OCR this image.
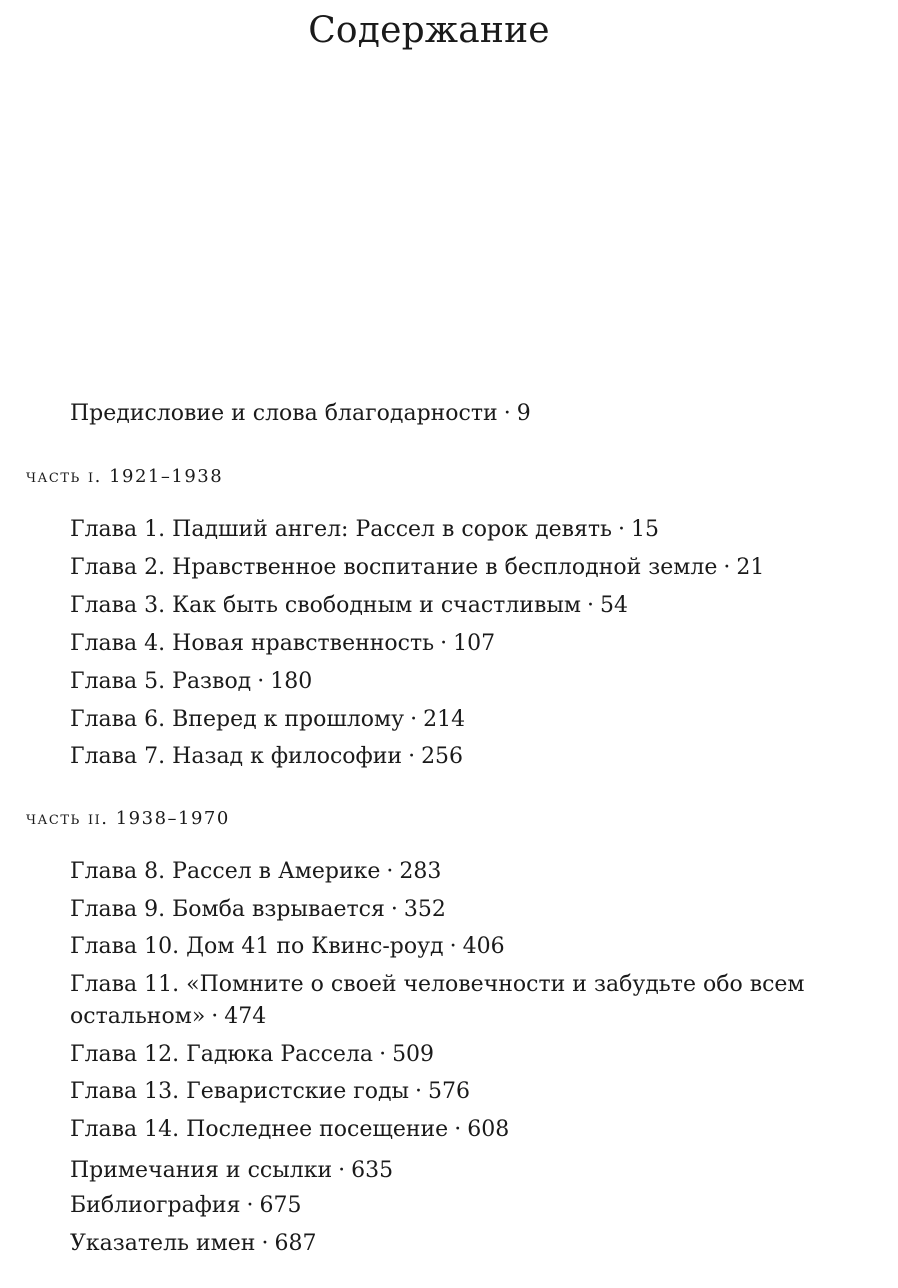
Содержание
Предисловие и слова благодарности · 9
часть i. 1921–1938
Глава 1. Падший ангел: Рассел в сорок девять · 15
Глава 2. Нравственное воспитание в бесплодной земле · 21
Глава 3. Как быть свободным и счастливым · 54
Глава 4. Новая нравственность · 107
Глава 5. Развод · 180
Глава 6. Вперед к прошлому · 214
Глава 7. Назад к философии · 256
часть ii. 1938–1970
Глава 8. Рассел в Америке · 283
Глава 9. Бомба взрывается · 352
Глава 10. Дом 41 по Квинс-роуд · 406
Глава 11. «Помните о своей человечности и забудьте обо всем остальном» · 474
Глава 12. Гадюка Рассела · 509
Глава 13. Геваристские годы · 576
Глава 14. Последнее посещение · 608
Примечания и ссылки · 635
Библиография · 675
Указатель имен · 687
